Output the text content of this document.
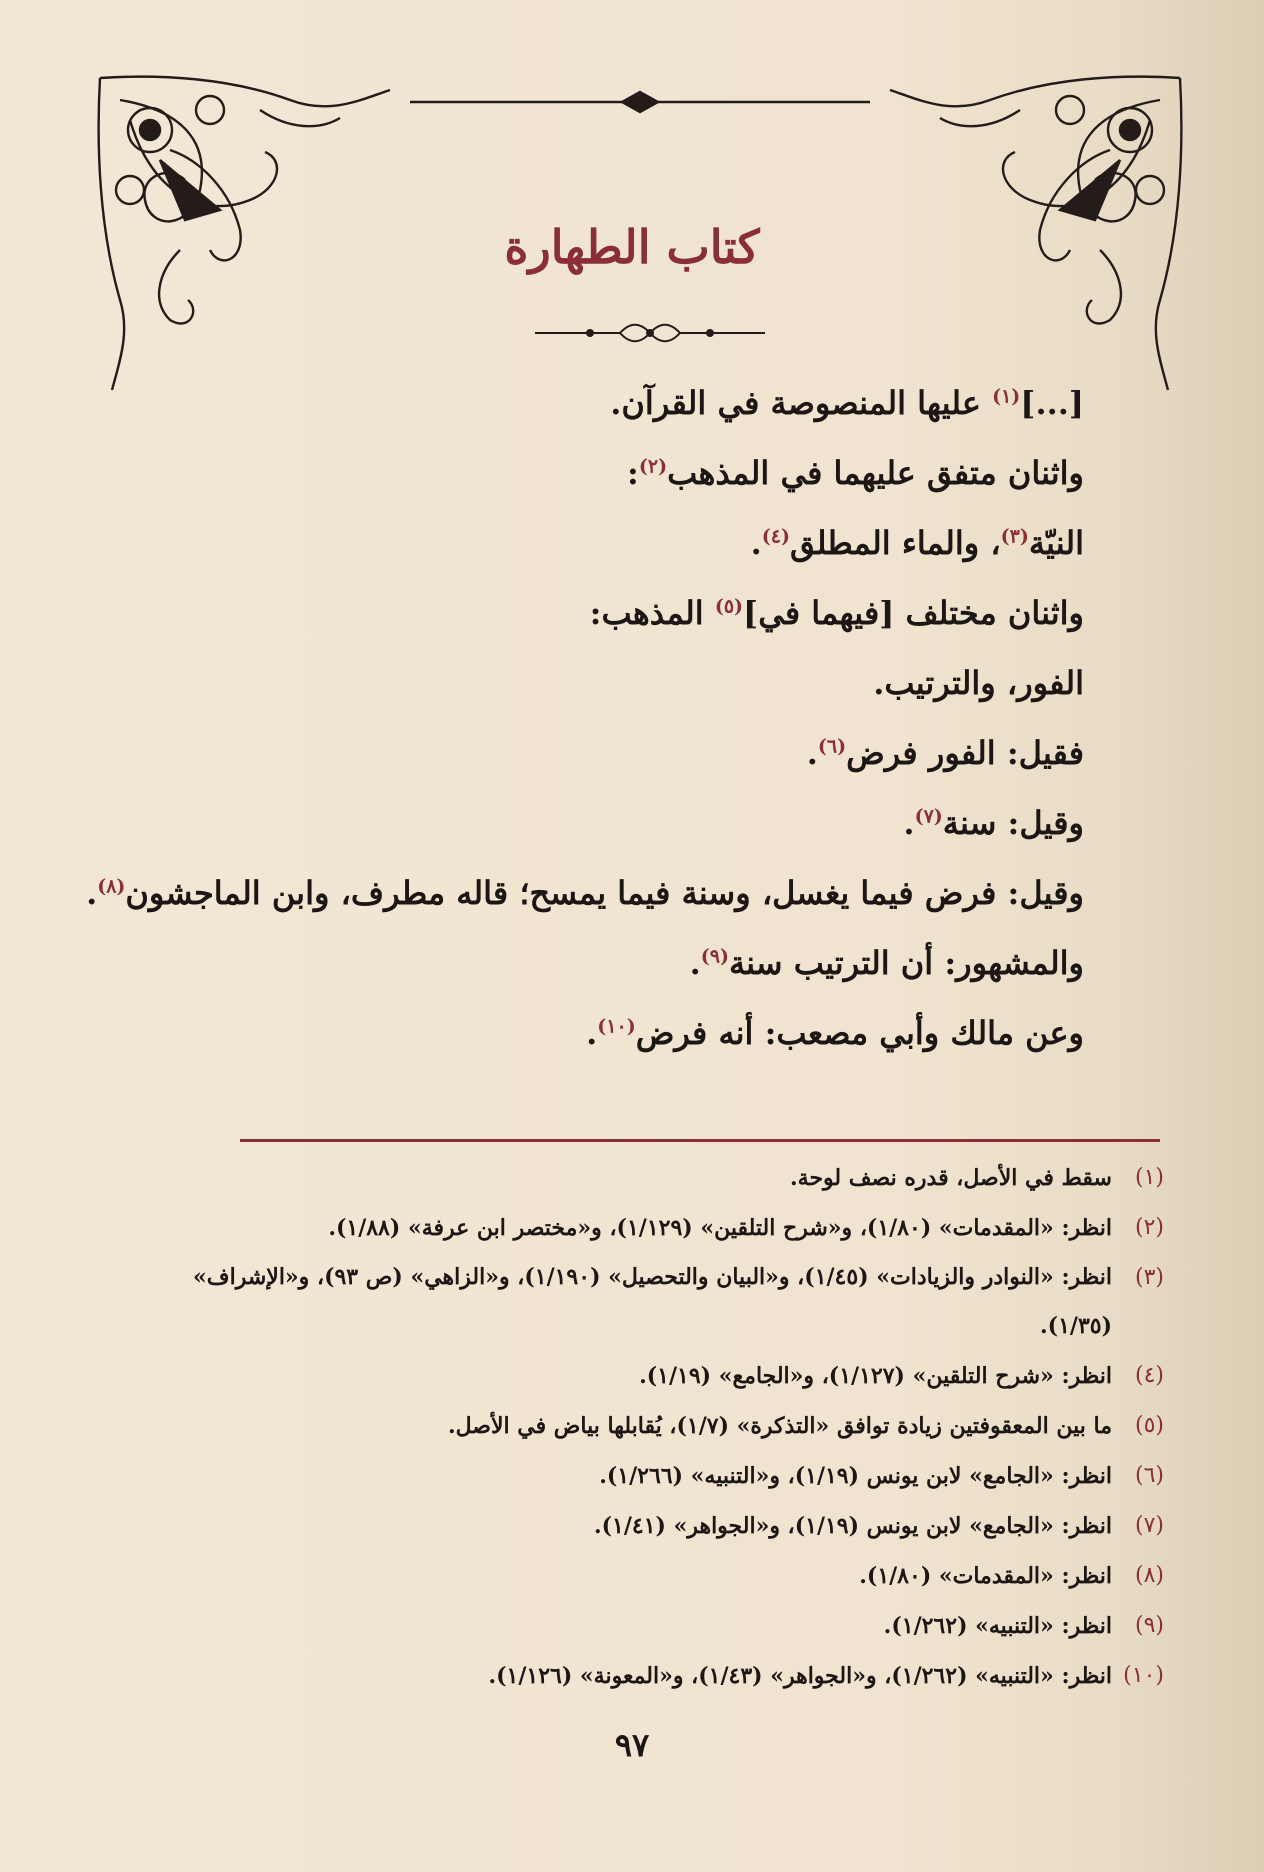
كتاب الطهارة

[...]$^{(١)}$ عليها المنصوصة في القرآن.

واثنان متفق عليهما في المذهب$^{(٢)}$:

النيّة$^{(٣)}$، والماء المطلق$^{(٤)}$.

واثنان مختلف [فيهما في]$^{(٥)}$ المذهب:

الفور، والترتيب.

فقيل: الفور فرض$^{(٦)}$.

وقيل: سنة$^{(٧)}$.

وقيل: فرض فيما يغسل، وسنة فيما يمسح؛ قاله مطرف، وابن الماجشون$^{(٨)}$.

والمشهور: أن الترتيب سنة$^{(٩)}$.

وعن مالك وأبي مصعب: أنه فرض$^{(١٠)}$.

(١)
سقط في الأصل، قدره نصف لوحة.
(٢)
انظر: «المقدمات» (١/٨٠)، و«شرح التلقين» (١/١٢٩)، و«مختصر ابن عرفة» (١/٨٨).
(٣)
انظر: «النوادر والزيادات» (١/٤٥)، و«البيان والتحصيل» (١/١٩٠)، و«الزاهي» (ص ٩٣)، و«الإشراف» (١/٣٥).
(٤)
انظر: «شرح التلقين» (١/١٢٧)، و«الجامع» (١/١٩).
(٥)
ما بين المعقوفتين زيادة توافق «التذكرة» (١/٧)، يُقابلها بياض في الأصل.
(٦)
انظر: «الجامع» لابن يونس (١/١٩)، و«التنبيه» (١/٢٦٦).
(٧)
انظر: «الجامع» لابن يونس (١/١٩)، و«الجواهر» (١/٤١).
(٨)
انظر: «المقدمات» (١/٨٠).
(٩)
انظر: «التنبيه» (١/٢٦٢).
(١٠)
انظر: «التنبيه» (١/٢٦٢)، و«الجواهر» (١/٤٣)، و«المعونة» (١/١٢٦).
٩٧
